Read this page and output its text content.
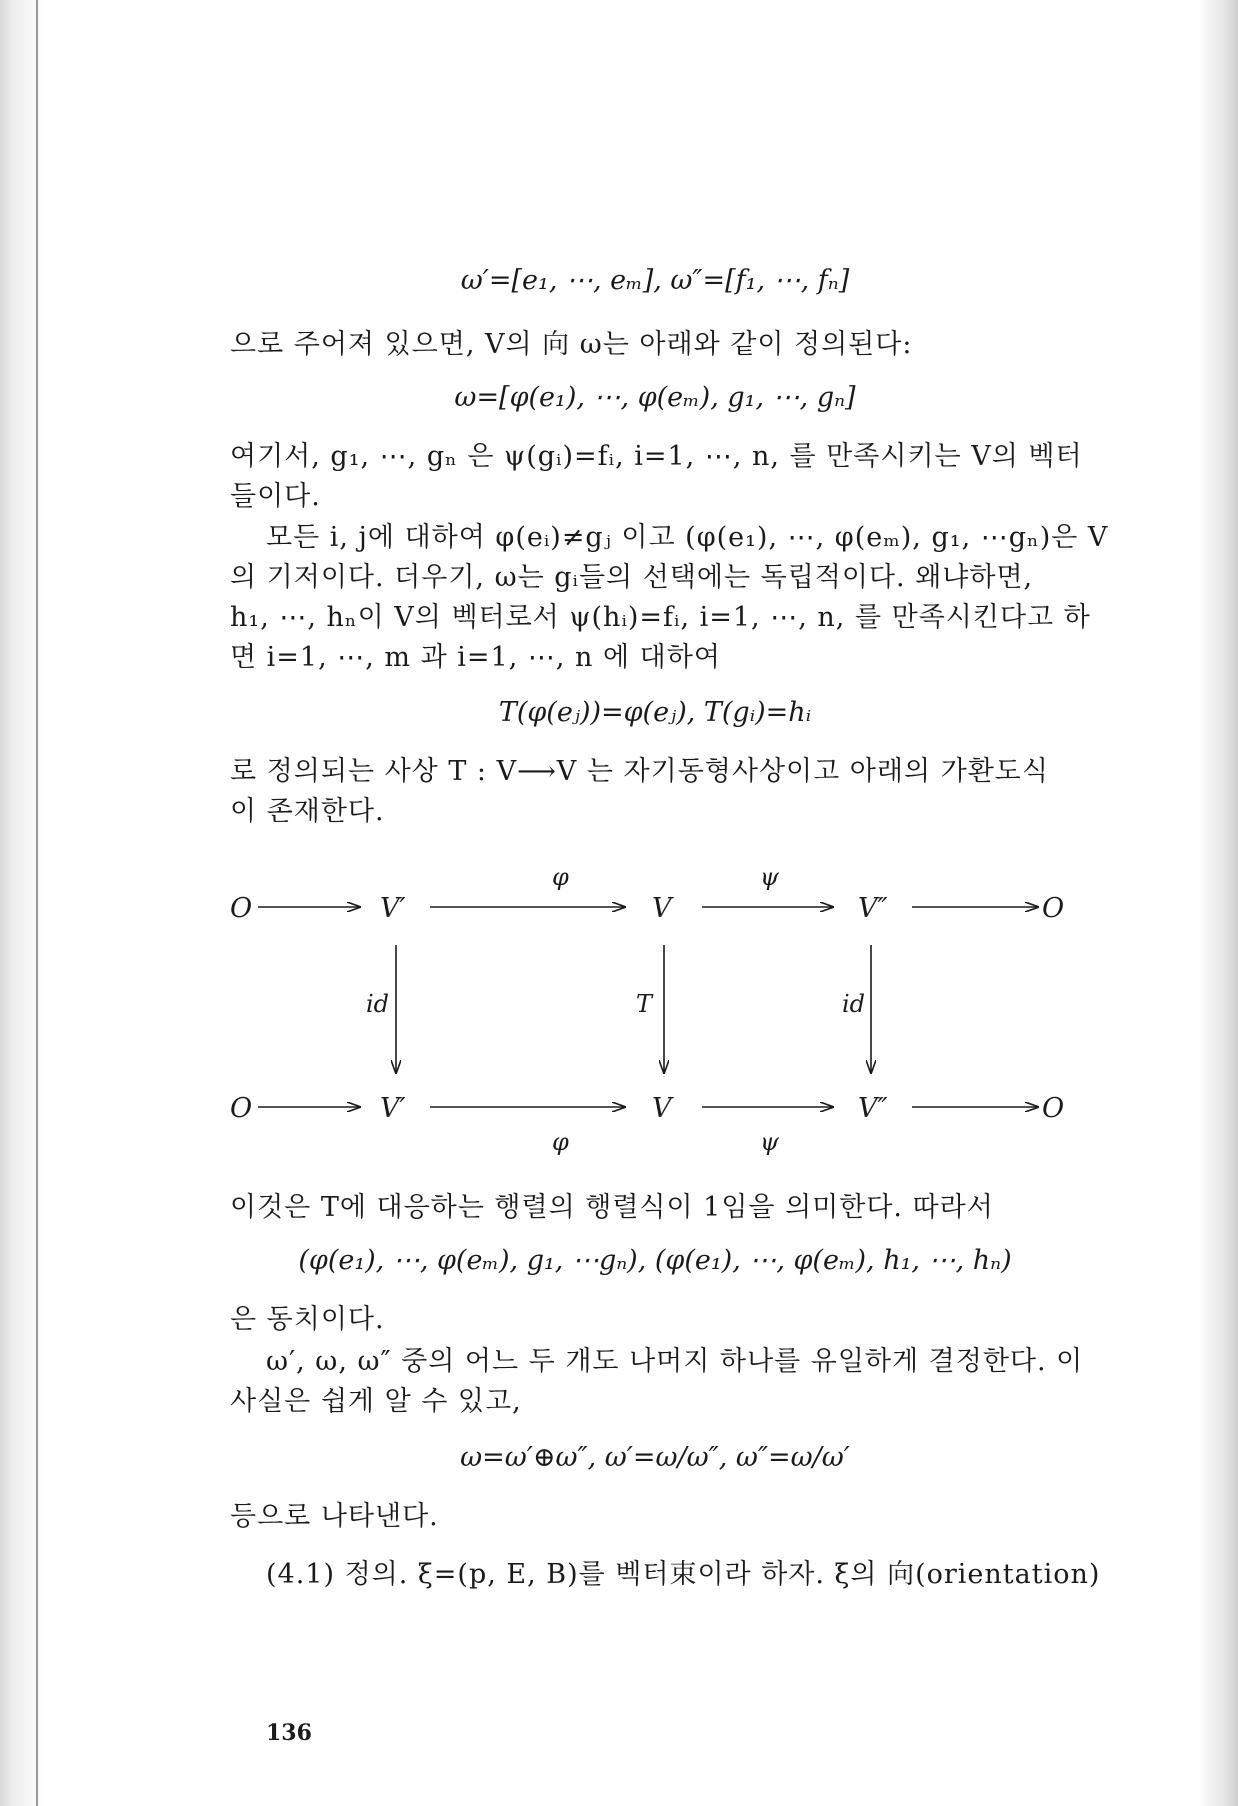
ω′=[e₁, ⋯, eₘ], ω″=[f₁, ⋯, fₙ]
으로 주어져 있으면, V의 向 ω는 아래와 같이 정의된다:
ω=[φ(e₁), ⋯, φ(eₘ), g₁, ⋯, gₙ]
여기서, g₁, ⋯, gₙ 은 ψ(gᵢ)=fᵢ, i=1, ⋯, n, 를 만족시키는 V의 벡터
들이다.
모든 i, j에 대하여 φ(eᵢ)≠gⱼ 이고 (φ(e₁), ⋯, φ(eₘ), g₁, ⋯gₙ)은 V
의 기저이다. 더우기, ω는 gᵢ들의 선택에는 독립적이다. 왜냐하면,
h₁, ⋯, hₙ이 V의 벡터로서 ψ(hᵢ)=fᵢ, i=1, ⋯, n, 를 만족시킨다고 하
면 i=1, ⋯, m 과 i=1, ⋯, n 에 대하여
T(φ(eⱼ))=φ(eⱼ), T(gᵢ)=hᵢ
로 정의되는 사상 T : V⟶V 는 자기동형사상이고 아래의 가환도식
이 존재한다.
O	V′	V	V″	O
O	V′	V	V″	O
φ	ψ
φ	ψ
id	T	id
이것은 T에 대응하는 행렬의 행렬식이 1임을 의미한다. 따라서
(φ(e₁), ⋯, φ(eₘ), g₁, ⋯gₙ), (φ(e₁), ⋯, φ(eₘ), h₁, ⋯, hₙ)
은 동치이다.
ω′, ω, ω″ 중의 어느 두 개도 나머지 하나를 유일하게 결정한다. 이
사실은 쉽게 알 수 있고,
ω=ω′⊕ω″, ω′=ω/ω″, ω″=ω/ω′
등으로 나타낸다.
(4.1) 정의. ξ=(p, E, B)를 벡터束이라 하자. ξ의 向(orientation)
136
